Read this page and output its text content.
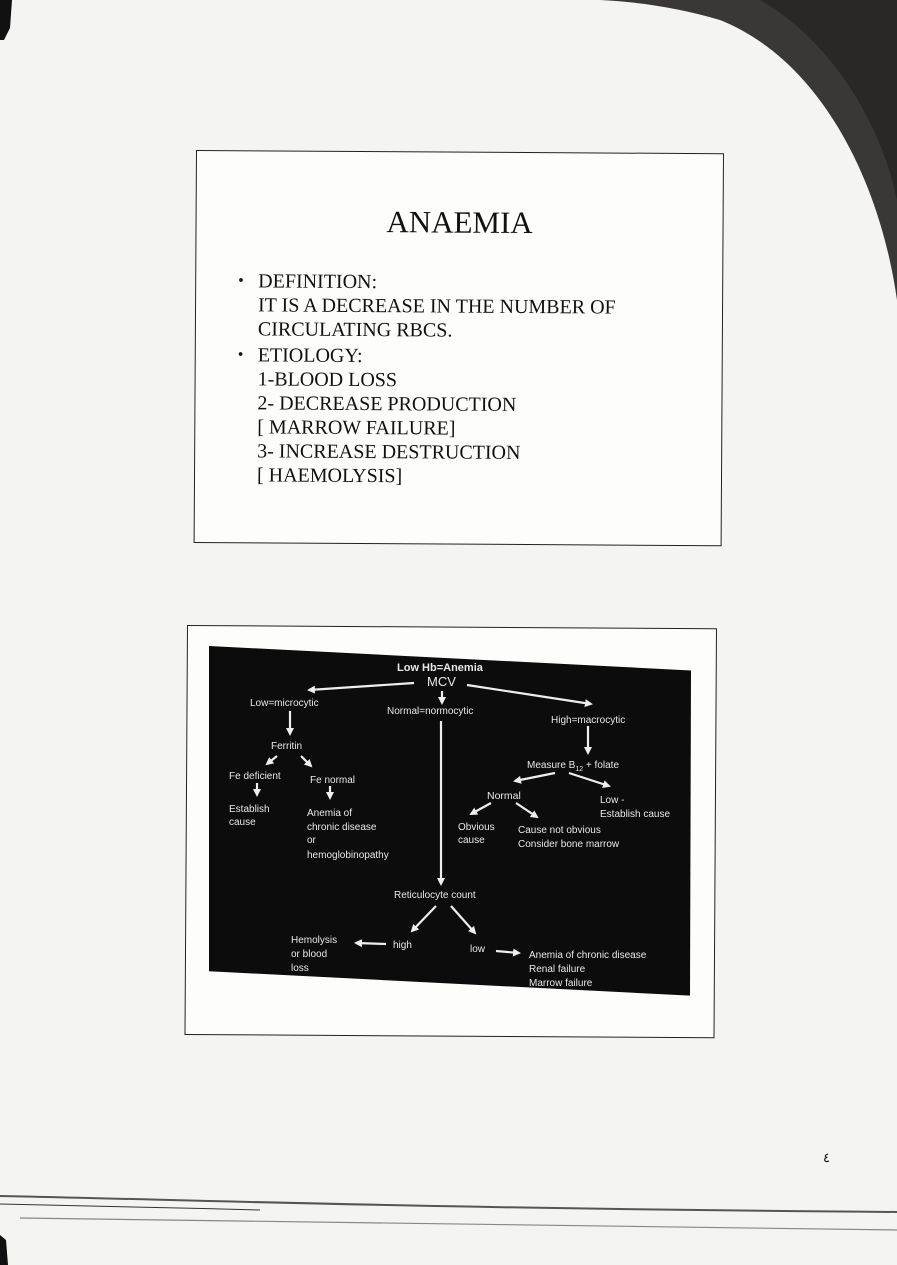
ANAEMIA
• DEFINITION:
IT IS A DECREASE IN THE NUMBER OF
CIRCULATING RBCS.
• ETIOLOGY:
1-BLOOD LOSS
2- DECREASE PRODUCTION
[ MARROW FAILURE]
3- INCREASE DESTRUCTION
[ HAEMOLYSIS]
Low Hb=Anemia
MCV
Low=microcytic
Normal=normocytic
High=macrocytic
Ferritin
Fe deficient	Fe normal
Establish
cause
Anemia of
chronic disease
or
hemoglobinopathy
Measure $B_{12}$ + folate
Normal	Low -
Establish cause
Obvious
cause
Cause not obvious
Consider bone marrow
Reticulocyte count
high	low
Hemolysis
or blood
loss
Anemia of chronic disease
Renal failure
Marrow failure
٤
